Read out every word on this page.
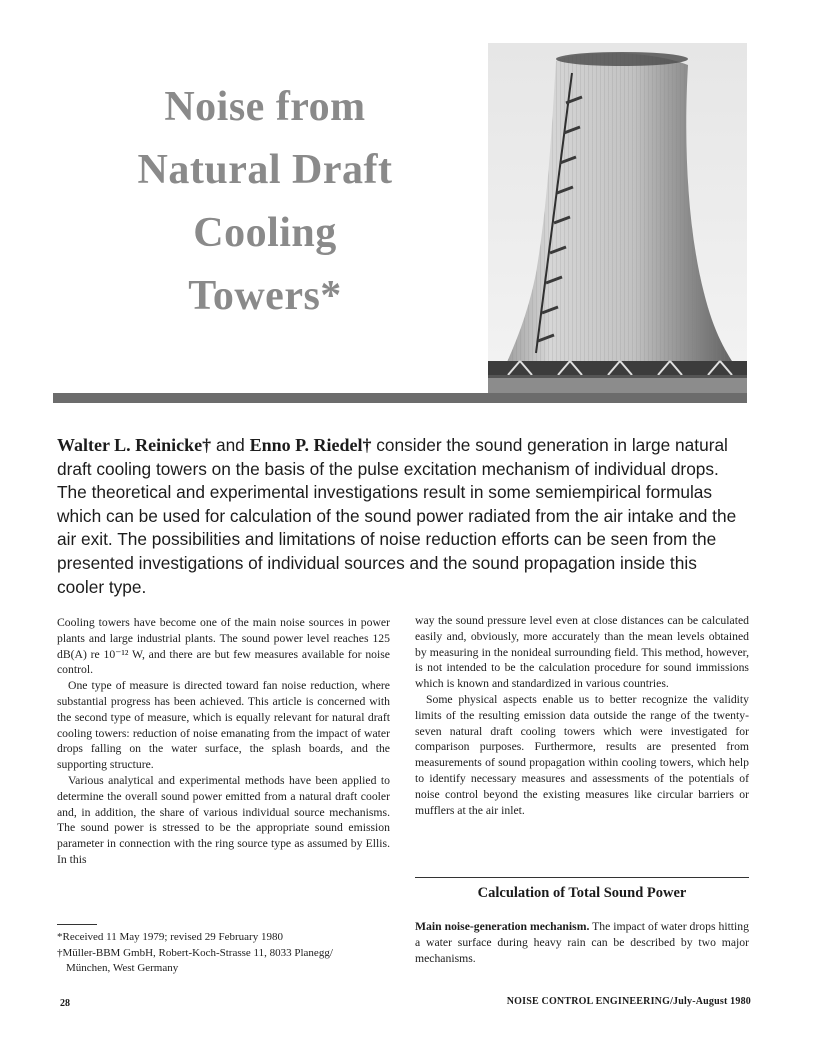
Noise from
Natural Draft
Cooling
Towers*
Walter L. Reinicke† and Enno P. Riedel† consider the sound generation in large natural draft cooling towers on the basis of the pulse excitation mechanism of individual drops. The theoretical and experimental investigations result in some semiempirical formulas which can be used for calculation of the sound power radiated from the air intake and the air exit. The possibilities and limitations of noise reduction efforts can be seen from the presented investigations of individual sources and the sound propagation inside this cooler type.

Cooling towers have become one of the main noise sources in power plants and large industrial plants. The sound power level reaches 125 dB(A) re 10⁻¹² W, and there are but few measures available for noise control.

One type of measure is directed toward fan noise reduction, where substantial progress has been achieved. This article is concerned with the second type of measure, which is equally relevant for natural draft cooling towers: reduction of noise emanating from the impact of water drops falling on the water surface, the splash boards, and the supporting structure.

Various analytical and experimental methods have been applied to determine the overall sound power emitted from a natural draft cooler and, in addition, the share of various individual source mechanisms. The sound power is stressed to be the appropriate sound emission parameter in connection with the ring source type as assumed by Ellis. In this

way the sound pressure level even at close distances can be calculated easily and, obviously, more accurately than the mean levels obtained by measuring in the nonideal surrounding field. This method, however, is not intended to be the calculation procedure for sound immissions which is known and standardized in various countries.

Some physical aspects enable us to better recognize the validity limits of the resulting emission data outside the range of the twenty-seven natural draft cooling towers which were investigated for comparison purposes. Furthermore, results are presented from measurements of sound propagation within cooling towers, which help to identify necessary measures and assessments of the potentials of noise control beyond the existing measures like circular barriers or mufflers at the air inlet.

Calculation of Total Sound Power

Main noise-generation mechanism. The impact of water drops hitting a water surface during heavy rain can be described by two major mechanisms.

*Received 11 May 1979; revised 29 February 1980
†Müller-BBM GmbH, Robert-Koch-Strasse 11, 8033 Planegg/
München, West Germany
28	NOISE CONTROL ENGINEERING/July-August 1980
